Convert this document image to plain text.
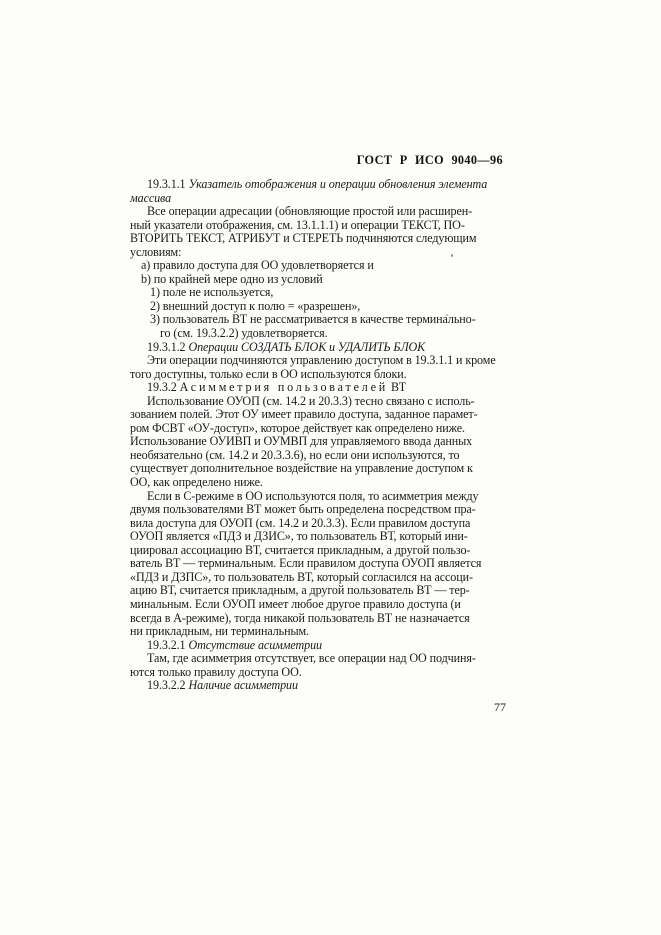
ГОСТ Р ИСО 9040—96
19.3.1.1 Указатель отображения и операции обновления элемента
массива
Все операции адресации (обновляющие простой или расширен-
ный указатели отображения, см. 13.1.1.1) и операции ТЕКСТ, ПО-
ВТОРИТЬ ТЕКСТ, АТРИБУТ и СТЕРЕТЬ подчиняются следующим
условиям:
a) правило доступа для ОО удовлетворяется и
b) по крайней мере одно из условий
1) поле не используется,
2) внешний доступ к полю = «разрешен»,
3) пользователь ВТ не рассматривается в качестве терминально-
го (см. 19.3.2.2) удовлетворяется.
19.3.1.2 Операции СОЗДАТЬ БЛОК и УДАЛИТЬ БЛОК
Эти операции подчиняются управлению доступом в 19.3.1.1 и кроме
того доступны, только если в ОО используются блоки.
19.3.2 Асимметрия пользователей ВТ
Использование ОУОП (см. 14.2 и 20.3.3) тесно связано с исполь-
зованием полей. Этот ОУ имеет правило доступа, заданное парамет-
ром ФСВТ «ОУ-доступ», которое действует как определено ниже.
Использование ОУИВП и ОУМВП для управляемого ввода данных
необязательно (см. 14.2 и 20.3.3.6), но если они используются, то
существует дополнительное воздействие на управление доступом к
ОО, как определено ниже.
Если в С-режиме в ОО используются поля, то асимметрия между
двумя пользователями ВТ может быть определена посредством пра-
вила доступа для ОУОП (см. 14.2 и 20.3.3). Если правилом доступа
ОУОП является «ПДЗ и ДЗИС», то пользователь ВТ, который ини-
циировал ассоциацию ВТ, считается прикладным, а другой пользо-
ватель ВТ — терминальным. Если правилом доступа ОУОП является
«ПДЗ и ДЗПС», то пользователь ВТ, который согласился на ассоци-
ацию ВТ, считается прикладным, а другой пользователь ВТ — тер-
минальным. Если ОУОП имеет любое другое правило доступа (и
всегда в А-режиме), тогда никакой пользователь ВТ не назначается
ни прикладным, ни терминальным.
19.3.2.1 Отсутствие асимметрии
Там, где асимметрия отсутствует, все операции над ОО подчиня-
ются только правилу доступа ОО.
19.3.2.2 Наличие асимметрии
77
